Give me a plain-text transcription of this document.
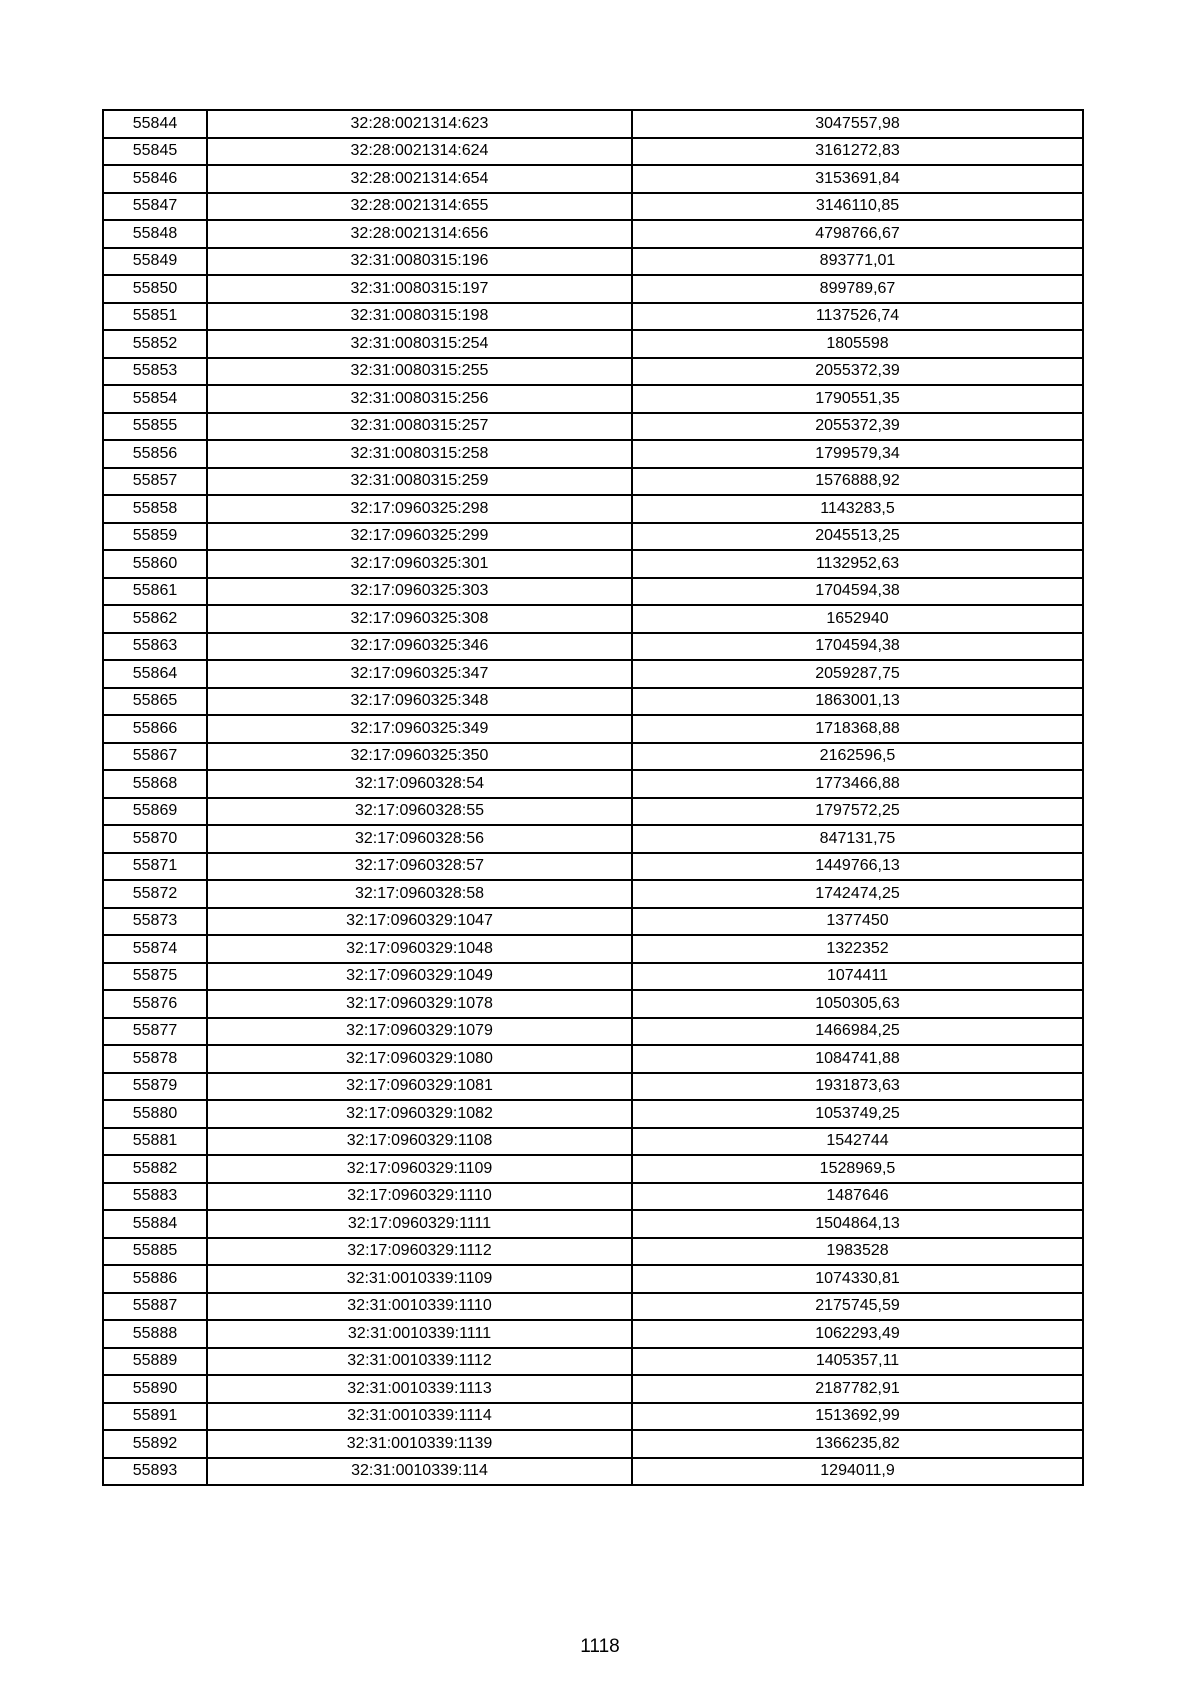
55844	32:28:0021314:623	3047557,98
55845	32:28:0021314:624	3161272,83
55846	32:28:0021314:654	3153691,84
55847	32:28:0021314:655	3146110,85
55848	32:28:0021314:656	4798766,67
55849	32:31:0080315:196	893771,01
55850	32:31:0080315:197	899789,67
55851	32:31:0080315:198	1137526,74
55852	32:31:0080315:254	1805598
55853	32:31:0080315:255	2055372,39
55854	32:31:0080315:256	1790551,35
55855	32:31:0080315:257	2055372,39
55856	32:31:0080315:258	1799579,34
55857	32:31:0080315:259	1576888,92
55858	32:17:0960325:298	1143283,5
55859	32:17:0960325:299	2045513,25
55860	32:17:0960325:301	1132952,63
55861	32:17:0960325:303	1704594,38
55862	32:17:0960325:308	1652940
55863	32:17:0960325:346	1704594,38
55864	32:17:0960325:347	2059287,75
55865	32:17:0960325:348	1863001,13
55866	32:17:0960325:349	1718368,88
55867	32:17:0960325:350	2162596,5
55868	32:17:0960328:54	1773466,88
55869	32:17:0960328:55	1797572,25
55870	32:17:0960328:56	847131,75
55871	32:17:0960328:57	1449766,13
55872	32:17:0960328:58	1742474,25
55873	32:17:0960329:1047	1377450
55874	32:17:0960329:1048	1322352
55875	32:17:0960329:1049	1074411
55876	32:17:0960329:1078	1050305,63
55877	32:17:0960329:1079	1466984,25
55878	32:17:0960329:1080	1084741,88
55879	32:17:0960329:1081	1931873,63
55880	32:17:0960329:1082	1053749,25
55881	32:17:0960329:1108	1542744
55882	32:17:0960329:1109	1528969,5
55883	32:17:0960329:1110	1487646
55884	32:17:0960329:1111	1504864,13
55885	32:17:0960329:1112	1983528
55886	32:31:0010339:1109	1074330,81
55887	32:31:0010339:1110	2175745,59
55888	32:31:0010339:1111	1062293,49
55889	32:31:0010339:1112	1405357,11
55890	32:31:0010339:1113	2187782,91
55891	32:31:0010339:1114	1513692,99
55892	32:31:0010339:1139	1366235,82
55893	32:31:0010339:114	1294011,9
1118
